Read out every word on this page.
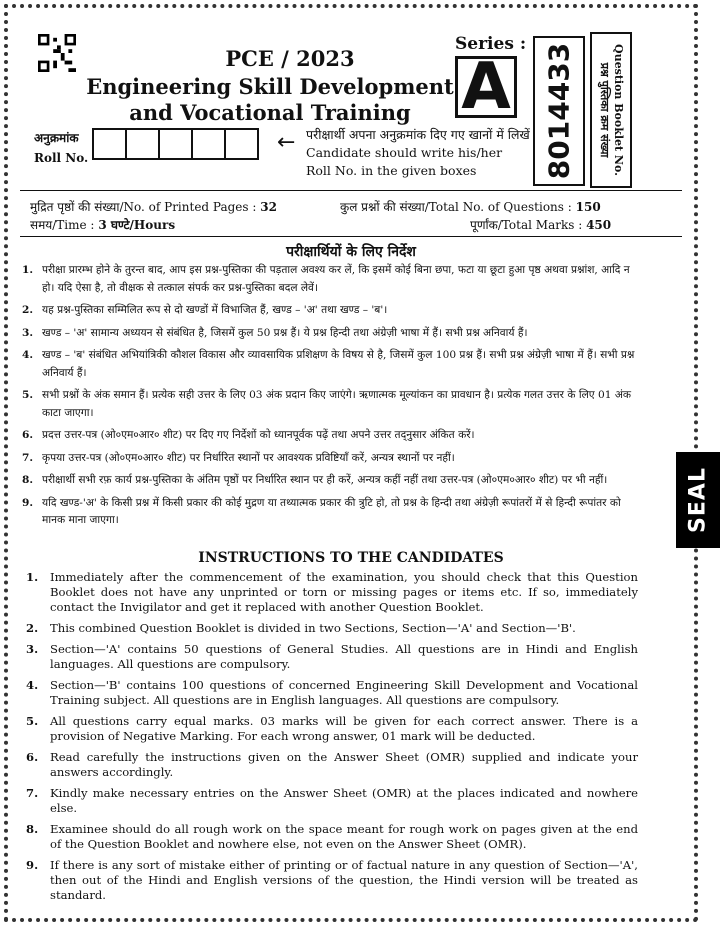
PCE / 2023
Engineering Skill Development
and Vocational Training
Series :
A 8014433	Question Booklet No.
प्रश्न पुस्तिका क्रम संख्या
अनुक्रमांक
Roll No.
← परीक्षार्थी अपना अनुक्रमांक दिए गए खानों में लिखें
Candidate should write his/her
Roll No. in the given boxes
मुद्रित पृष्ठों की संख्या/No. of Printed Pages : 32	कुल प्रश्नों की संख्या/Total No. of Questions : 150
समय/Time : 3 घण्टे/Hours	पूर्णांक/Total Marks : 450
परीक्षार्थियों के लिए निर्देश
1. परीक्षा प्रारम्भ होने के तुरन्त बाद, आप इस प्रश्न-पुस्तिका की पड़ताल अवश्य कर लें, कि इसमें कोई बिना छपा, फटा या छूटा हुआ पृष्ठ अथवा प्रश्नांश, आदि न हो। यदि ऐसा है, तो वीक्षक से तत्काल संपर्क कर प्रश्न-पुस्तिका बदल लेवें।
2. यह प्रश्न-पुस्तिका सम्मिलित रूप से दो खण्डों में विभाजित हैं, खण्ड – 'अ' तथा खण्ड – 'ब'।
3. खण्ड – 'अ' सामान्य अध्ययन से संबंधित है, जिसमें कुल 50 प्रश्न हैं। ये प्रश्न हिन्दी तथा अंग्रेज़ी भाषा में हैं। सभी प्रश्न अनिवार्य हैं।
4. खण्ड – 'ब' संबंधित अभियांत्रिकी कौशल विकास और व्यावसायिक प्रशिक्षण के विषय से है, जिसमें कुल 100 प्रश्न हैं। सभी प्रश्न अंग्रेज़ी भाषा में हैं। सभी प्रश्न अनिवार्य हैं।
5. सभी प्रश्नों के अंक समान हैं। प्रत्येक सही उत्तर के लिए 03 अंक प्रदान किए जाएंगे। ऋणात्मक मूल्यांकन का प्रावधान है। प्रत्येक गलत उत्तर के लिए 01 अंक काटा जाएगा।
6. प्रदत्त उत्तर-पत्र (ओ०एम०आर० शीट) पर दिए गए निर्देशों को ध्यानपूर्वक पढ़ें तथा अपने उत्तर तद्नुसार अंकित करें।
7. कृपया उत्तर-पत्र (ओ०एम०आर० शीट) पर निर्धारित स्थानों पर आवश्यक प्रविष्टियाँ करें, अन्यत्र स्थानों पर नहीं।
8. परीक्षार्थी सभी रफ़ कार्य प्रश्न-पुस्तिका के अंतिम पृष्ठों पर निर्धारित स्थान पर ही करें, अन्यत्र कहीं नहीं तथा उत्तर-पत्र (ओ०एम०आर० शीट) पर भी नहीं।
9. यदि खण्ड-'अ' के किसी प्रश्न में किसी प्रकार की कोई मुद्रण या तथ्यात्मक प्रकार की त्रुटि हो, तो प्रश्न के हिन्दी तथा अंग्रेज़ी रूपांतरों में से हिन्दी रूपांतर को मानक माना जाएगा।
INSTRUCTIONS TO THE CANDIDATES
1. Immediately after the commencement of the examination, you should check that this Question Booklet does not have any unprinted or torn or missing pages or items etc. If so, immediately contact the Invigilator and get it replaced with another Question Booklet.
2. This combined Question Booklet is divided in two Sections, Section—'A' and Section—'B'.
3. Section—'A' contains 50 questions of General Studies. All questions are in Hindi and English languages. All questions are compulsory.
4. Section—'B' contains 100 questions of concerned Engineering Skill Development and Vocational Training subject. All questions are in English languages. All questions are compulsory.
5. All questions carry equal marks. 03 marks will be given for each correct answer. There is a provision of Negative Marking. For each wrong answer, 01 mark will be deducted.
6. Read carefully the instructions given on the Answer Sheet (OMR) supplied and indicate your answers accordingly.
7. Kindly make necessary entries on the Answer Sheet (OMR) at the places indicated and nowhere else.
8. Examinee should do all rough work on the space meant for rough work on pages given at the end of the Question Booklet and nowhere else, not even on the Answer Sheet (OMR).
9. If there is any sort of mistake either of printing or of factual nature in any question of Section—'A', then out of the Hindi and English versions of the question, the Hindi version will be treated as standard.
SEAL
